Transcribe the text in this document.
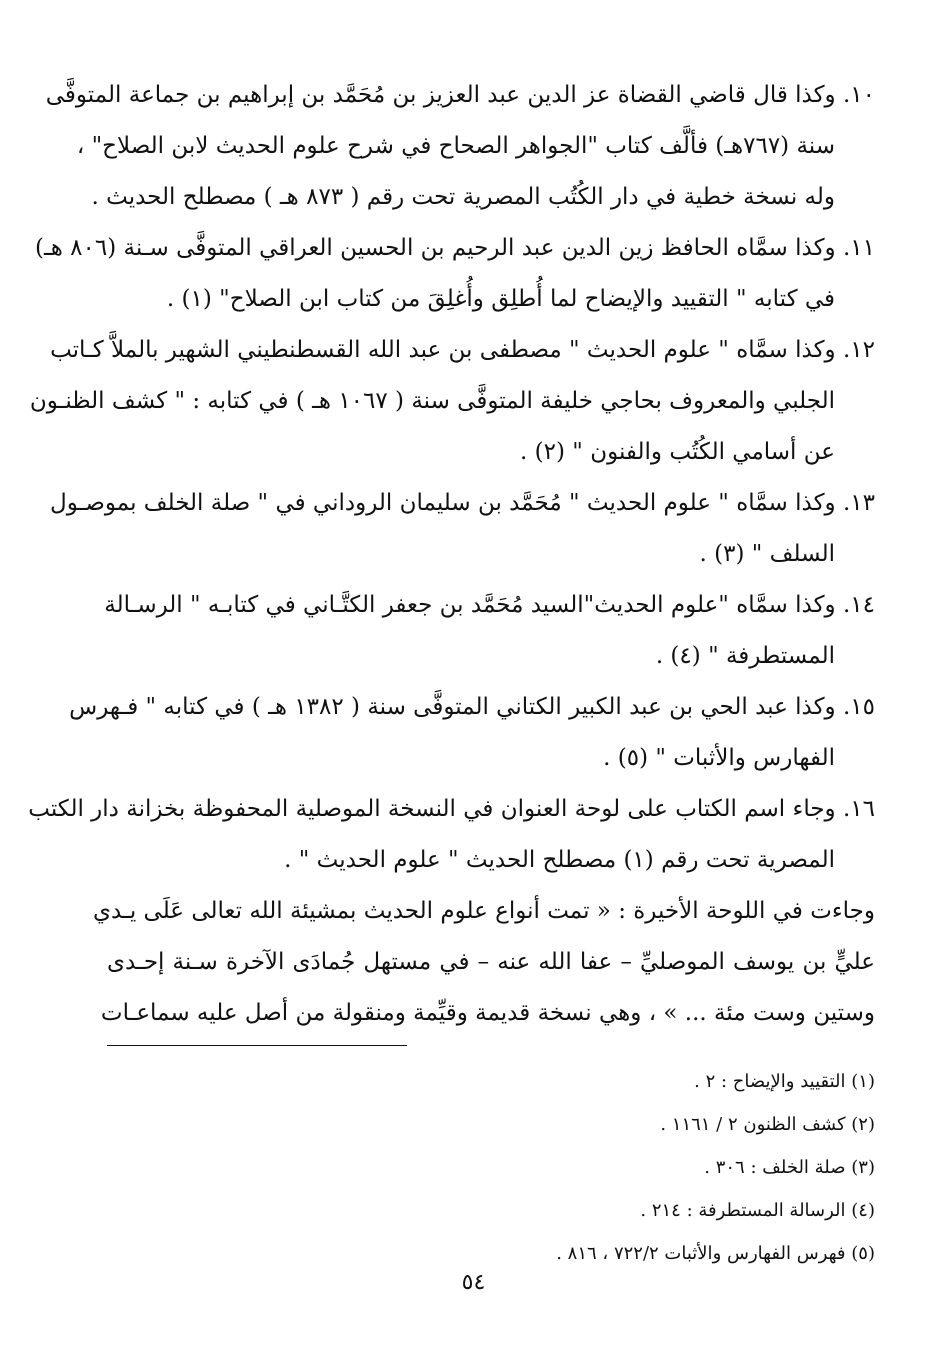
١٠. وكذا قال قاضي القضاة عز الدين عبد العزيز بن مُحَمَّد بن إبراهيم بن جماعة المتوفَّى
سنة (٧٦٧هـ) فألَّف كتاب "الجواهر الصحاح في شرح علوم الحديث لابن الصلاح" ،
وله نسخة خطية في دار الكُتُب المصرية تحت رقم ( ٨٧٣ هـ ) مصطلح الحديث .
١١. وكذا سمَّاه الحافظ زين الدين عبد الرحيم بن الحسين العراقي المتوفَّى سـنة (٨٠٦ هـ)
في كتابه " التقييد والإيضاح لما أُطلِق وأُغلِقَ من كتاب ابن الصلاح" (١) .
١٢. وكذا سمَّاه " علوم الحديث " مصطفى بن عبد الله القسطنطيني الشهير بالملاَّ كـاتب
الجلبي والمعروف بحاجي خليفة المتوفَّى سنة ( ١٠٦٧ هـ ) في كتابه : " كشف الظنـون
عن أسامي الكُتُب والفنون " (٢) .
١٣. وكذا سمَّاه " علوم الحديث " مُحَمَّد بن سليمان الروداني في " صلة الخلف بموصـول
السلف " (٣) .
١٤. وكذا سمَّاه "علوم الحديث"السيد مُحَمَّد بن جعفر الكتَّـاني في كتابـه " الرسـالة
المستطرفة " (٤) .
١٥. وكذا عبد الحي بن عبد الكبير الكتاني المتوفَّى سنة ( ١٣٨٢ هـ ) في كتابه " فـهرس
الفهارس والأثبات " (٥) .
١٦. وجاء اسم الكتاب على لوحة العنوان في النسخة الموصلية المحفوظة بخزانة دار الكتب
المصرية تحت رقم (١) مصطلح الحديث " علوم الحديث " .
وجاءت في اللوحة الأخيرة : « تمت أنواع علوم الحديث بمشيئة الله تعالى عَلَى يـدي
عليٍّ بن يوسف الموصليِّ – عفا الله عنه – في مستهل جُمادَى الآخرة سـنة إحـدى
وستين وست مئة ... » ، وهي نسخة قديمة وقيِّمة ومنقولة من أصل عليه سماعـات
(١) التقييد والإيضاح : ٢ .
(٢) كشف الظنون ٢ / ١١٦١ .
(٣) صلة الخلف : ٣٠٦ .
(٤) الرسالة المستطرفة : ٢١٤ .
(٥) فهرس الفهارس والأثبات ٧٢٢/٢ ، ٨١٦ .
٥٤
